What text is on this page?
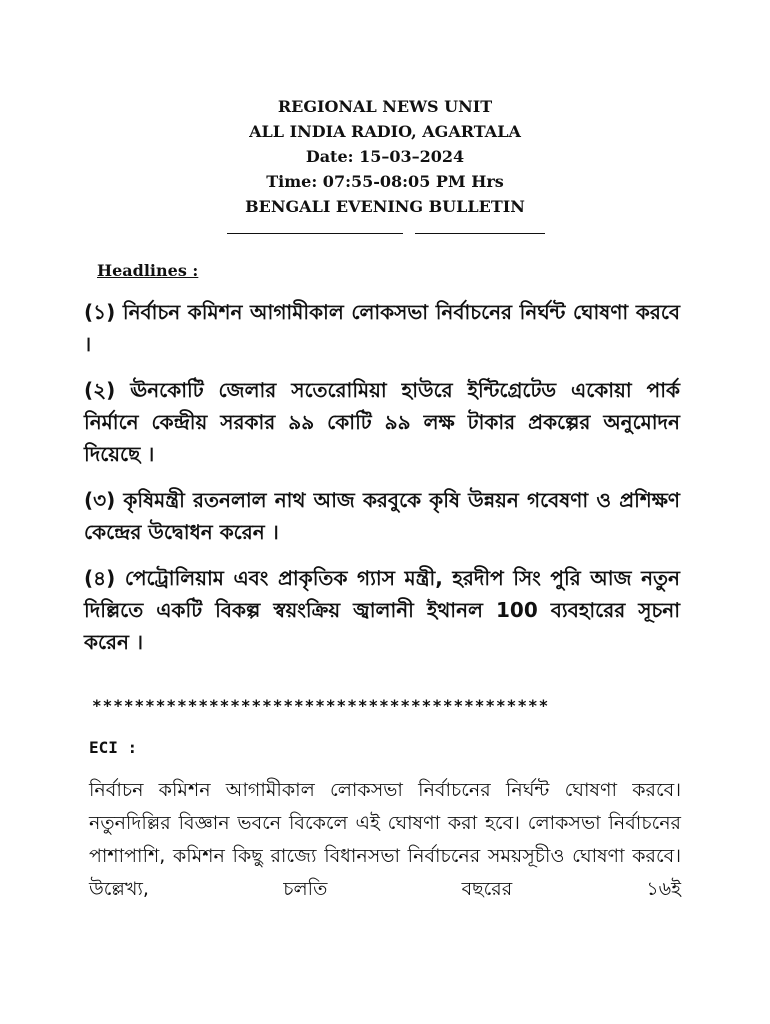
REGIONAL NEWS UNIT
ALL INDIA RADIO, AGARTALA
Date: 15–03–2024
Time: 07:55-08:05 PM Hrs
BENGALI EVENING BULLETIN
Headlines :
(১) নির্বাচন কমিশন আগামীকাল লোকসভা নির্বাচনের নির্ঘন্ট ঘোষণা করবে ।
(২) ঊনকোটি জেলার সতেরোমিয়া হাউরে ইন্টিগ্রেটেড একোয়া পার্ক নির্মানে কেন্দ্রীয় সরকার ৯৯ কোটি ৯৯ লক্ষ টাকার প্রকল্পের অনুমোদন দিয়েছে ।
(৩) কৃষিমন্ত্রী রতনলাল নাথ আজ করবুকে কৃষি উন্নয়ন গবেষণা ও প্রশিক্ষণ কেন্দ্রের উদ্বোধন করেন ।
(৪) পেট্রোলিয়াম এবং প্রাকৃতিক গ্যাস মন্ত্রী, হরদীপ সিং পুরি আজ নতুন দিল্লিতে একটি বিকল্প স্বয়ংক্রিয় জ্বালানী ইথানল 100 ব্যবহারের সূচনা করেন ।
*******************************************
ECI :
নির্বাচন কমিশন আগামীকাল লোকসভা নির্বাচনের নির্ঘন্ট ঘোষণা করবে। নতুনদিল্লির বিজ্ঞান ভবনে বিকেলে এই ঘোষণা করা হবে। লোকসভা নির্বাচনের পাশাপাশি, কমিশন কিছু রাজ্যে বিধানসভা নির্বাচনের সময়সূচীও ঘোষণা করবে। উল্লেখ্য, চলতি বছরের ১৬ই
